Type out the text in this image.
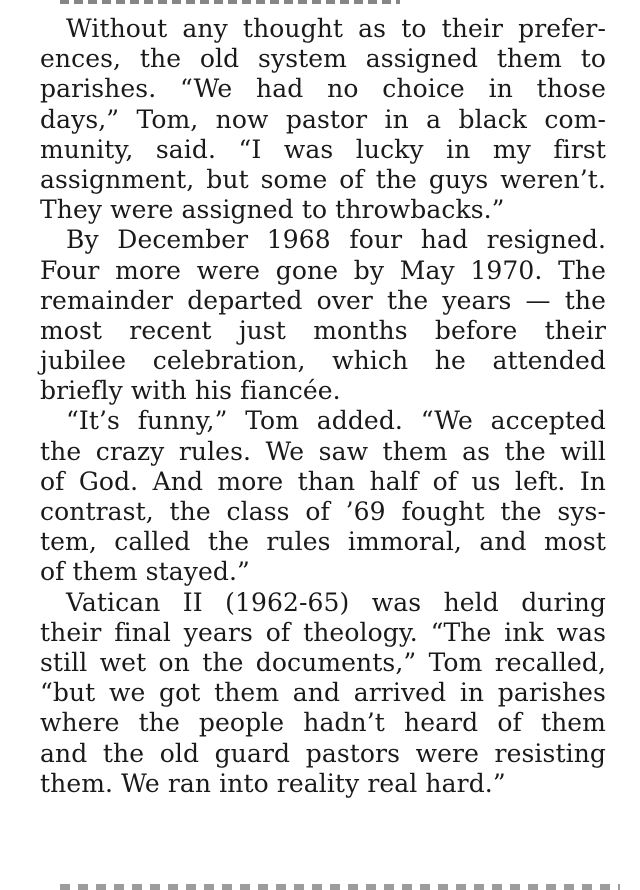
Without any thought as to their prefer-
ences, the old system assigned them to
parishes. “We had no choice in those
days,” Tom, now pastor in a black com-
munity, said. “I was lucky in my first
assignment, but some of the guys weren’t.
They were assigned to throwbacks.”
By December 1968 four had resigned.
Four more were gone by May 1970. The
remainder departed over the years — the
most recent just months before their
jubilee celebration, which he attended
briefly with his fiancée.
“It’s funny,” Tom added. “We accepted
the crazy rules. We saw them as the will
of God. And more than half of us left. In
contrast, the class of ’69 fought the sys-
tem, called the rules immoral, and most
of them stayed.”
Vatican II (1962-65) was held during
their final years of theology. “The ink was
still wet on the documents,” Tom recalled,
“but we got them and arrived in parishes
where the people hadn’t heard of them
and the old guard pastors were resisting
them. We ran into reality real hard.”
